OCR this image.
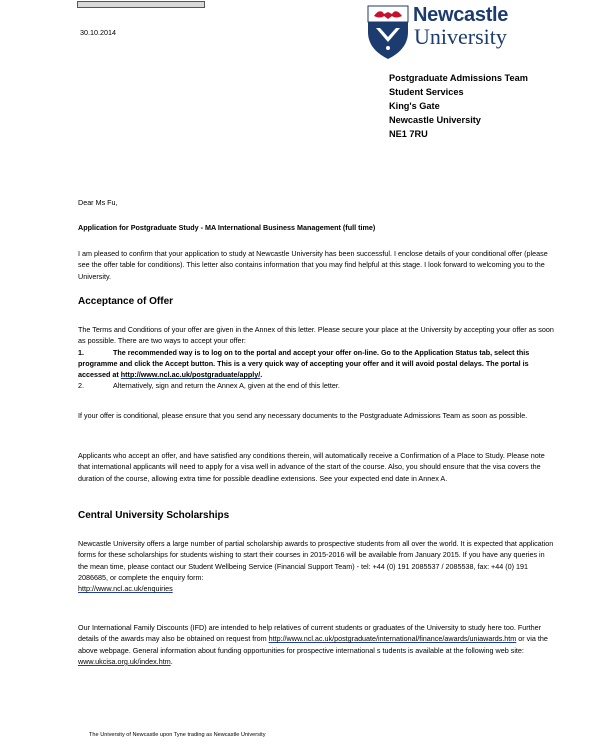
30.10.2014
Newcastle
University
Postgraduate Admissions Team
Student Services
King's Gate
Newcastle University
NE1 7RU
Dear Ms Fu,
Application for Postgraduate Study - MA International Business Management (full time)
I am pleased to confirm that your application to study at Newcastle University has been successful. I enclose details of your conditional offer (please see the offer table for conditions). This letter also contains information that you may find helpful at this stage. I look forward to welcoming you to the University.
Acceptance of Offer

The Terms and Conditions of your offer are given in the Annex of this letter. Please secure your place at the University by accepting your offer as soon as possible. There are two ways to accept your offer:

1.	The recommended way is to log on to the portal and accept your offer on-line. Go to the Application Status tab, select this programme and click the Accept button. This is a very quick way of accepting your offer and it will avoid postal delays. The portal is accessed at http://www.ncl.ac.uk/postgraduate/apply/.
2.	Alternatively, sign and return the Annex A, given at the end of this letter.
If your offer is conditional, please ensure that you send any necessary documents to the Postgraduate Admissions Team as soon as possible.
Applicants who accept an offer, and have satisfied any conditions therein, will automatically receive a Confirmation of a Place to Study. Please note that international applicants will need to apply for a visa well in advance of the start of the course. Also, you should ensure that the visa covers the duration of the course, allowing extra time for possible deadline extensions. See your expected end date in Annex A.
Central University Scholarships

Newcastle University offers a large number of partial scholarship awards to prospective students from all over the world. It is expected that application forms for these scholarships for students wishing to start their courses in 2015-2016 will be available from January 2015. If you have any queries in the mean time, please contact our Student Wellbeing Service (Financial Support Team) - tel: +44 (0) 191 2085537 / 2085538, fax: +44 (0) 191 2086685, or complete the enquiry form:

http://www.ncl.ac.uk/enquiries
Our International Family Discounts (IFD) are intended to help relatives of current students or graduates of the University to study here too. Further details of the awards may also be obtained on request from http://www.ncl.ac.uk/postgraduate/international/finance/awards/uniawards.htm or via the above webpage. General information about funding opportunities for prospective international s tudents is available at the following web site: www.ukcisa.org.uk/index.htm.
The University of Newcastle upon Tyne trading as Newcastle University
